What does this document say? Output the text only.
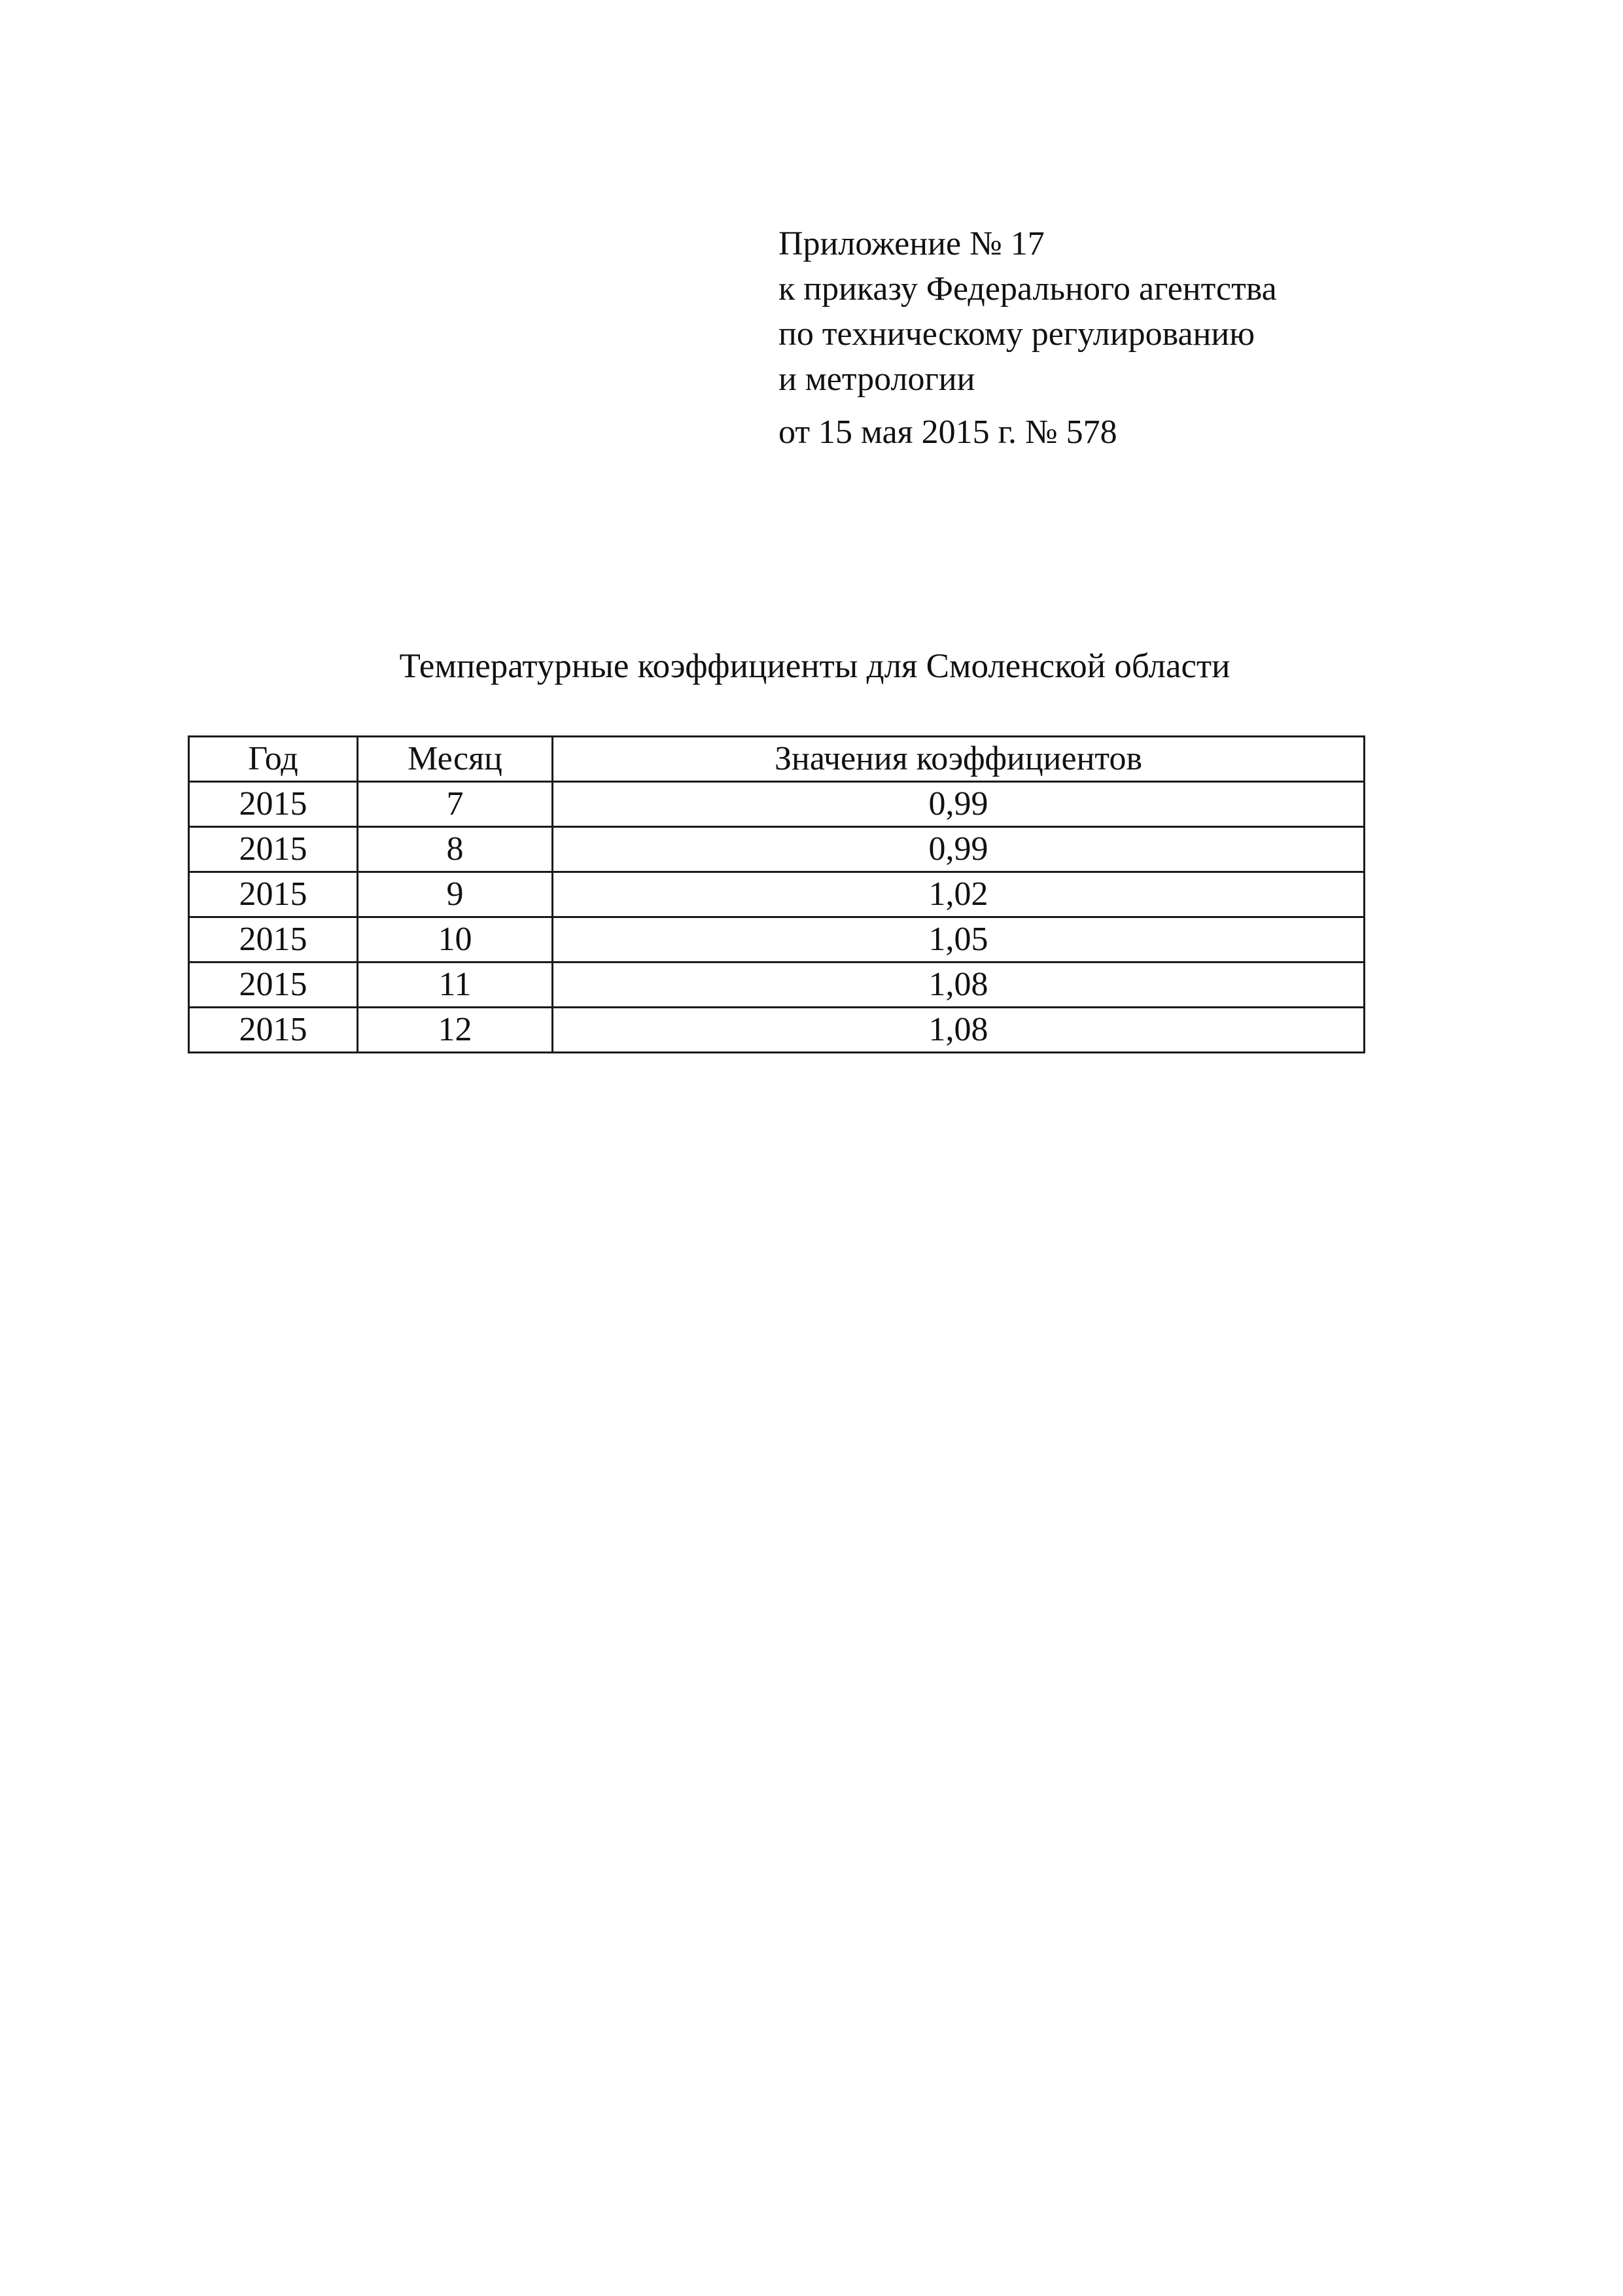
Приложение № 17
к приказу Федерального агентства
по техническому регулированию
и метрологии
от 15 мая 2015 г. № 578
Температурные коэффициенты для Смоленской области
Год	Месяц	Значения коэффициентов
2015	7	0,99
2015	8	0,99
2015	9	1,02
2015	10	1,05
2015	11	1,08
2015	12	1,08
